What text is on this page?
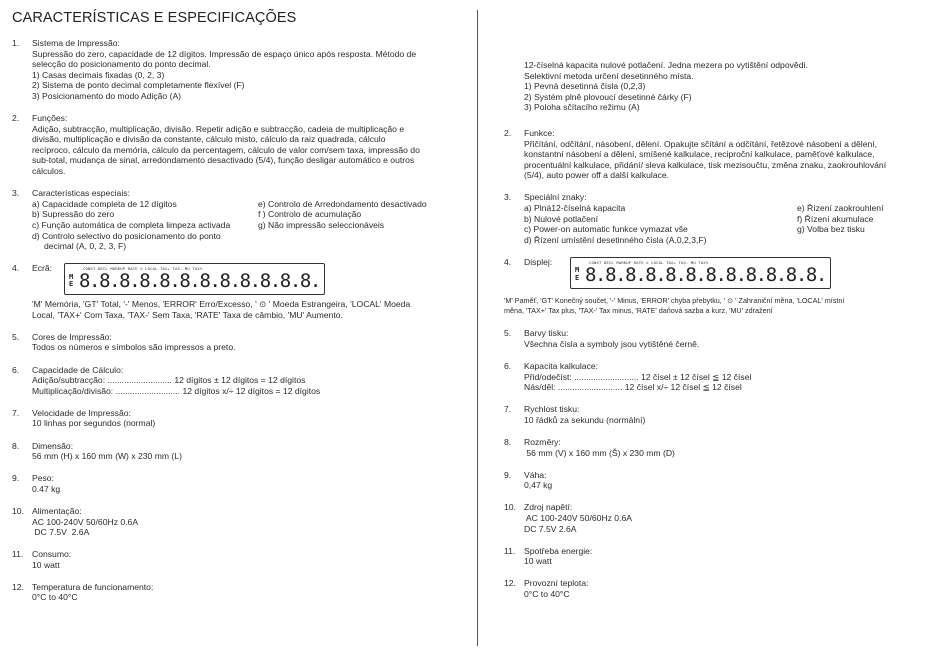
CARACTERÍSTICAS E ESPECIFICAÇÕES
1.	Sistema de Impressão:
Supressão do zero, capacidade de 12 dígitos. Impressão de espaço único após resposta. Método de
selecção do posicionamento do ponto decimal.
1) Casas decimais fixadas (0, 2, 3)
2) Sistema de ponto decimal completamente flexível (F)
3) Posicionamento do modo Adição (A)
2.	Funções:
Adição, subtracção, multiplicação, divisão. Repetir adição e subtracção, cadeia de multiplicação e
divisão, multiplicação e divisão da constante, cálculo misto, cálculo da raiz quadrada, cálculo
recíproco, cálculo da memória, cálculo da percentagem, cálculo de valor com/sem taxa, impressão do
sub-total, mudança de sinal, arredondamento desactivado (5/4), função desligar automático e outros
cálculos.
3.	Características especiais:
a) Capacidade completa de 12 dígitos	e) Controlo de Arredondamento desactivado
b) Supressão do zero	f ) Controlo de acumulação
c) Função automática de completa limpeza activada	g) Não impressão seleccionáveis
d) Controlo selectivo do posicionamento do ponto
decimal (A, 0, 2, 3, F)
4.	Ecrã:	CONST DECL MARKUP RATE ⊙ LOCAL TAX+ TAX- MU TAX%
M
E 8.8.8.8.8.8.8.8.8.8.8.8.
'M' Memória, 'GT' Total, '-' Menos, 'ERROR' Erro/Excesso, ' ⊙ ' Moeda Estrangeira, 'LOCAL' Moeda
Local, 'TAX+' Com Taxa, 'TAX-' Sem Taxa, 'RATE' Taxa de câmbio, 'MU' Aumento.
5.	Cores de Impressão:
Todos os números e símbolos são impressos a preto.
6.	Capacidade de Cálculo:
Adição/subtracção: ........................... 12 dígitos ± 12 dígitos = 12 dígitos
Multiplicação/divisão: ........................... 12 dígitos x/÷ 12 dígitos = 12 dígitos
7.	Velocidade de Impressão:
10 linhas por segundos (normal)
8.	Dimensão:
56 mm (H) x 160 mm (W) x 230 mm (L)
9.	Peso:
0.47 kg
10. Alimentação:
AC 100-240V 50/60Hz 0.6A
DC 7.5V  2.6A
11.	Consumo:
10 watt
12. Temperatura de funcionamento:
0°C to 40°C
12-číselná kapacita nulové potlačení. Jedna mezera po vytištění odpovědi.
Selektivní metoda určení desetinného místa.
1) Pevná desetinná čísla (0,2,3)
2) Systém plně plovoucí desetinné čárky (F)
3) Poloha sčítacího režimu (A)
2.	Funkce:
Přičítání, odčítání, násobení, dělení. Opakujte sčítání a odčítání, řetězové násobení a dělení,
konstantní násobení a dělení, smíšené kalkulace, reciproční kalkulace, paměťové kalkulace,
procentuální kalkulace, přidání/ sleva kalkulace, tisk mezisoučtu, změna znaku, zaokrouhlování
(5/4), auto power off a další kalkulace.
3.	Speciální znaky:
a) Plná12-číselná kapacita	e) Řízení zaokrouhlení
b) Nulové potlačení	f) Řízení akumulace
c) Power-on automatic funkce vymazat vše	g) Volba bez tisku
d) Řízení umístění desetinného čísla (A,0,2,3,F)
4.	Displej:	CONST DECL MARKUP RATE ⊙ LOCAL TAX+ TAX- MU TAX%
M
E 8.8.8.8.8.8.8.8.8.8.8.8.
'M' Paměť, 'GT' Konečný součet, '-' Minus, 'ERROR' chyba přebytku, ' ⊙ ' Zahraniční měna, 'LOCAL' místní
měna, 'TAX+' Tax plus, 'TAX-' Tax minus, 'RATE' daňová sazba a kurz, 'MU' zdražení
5.	Barvy tisku:
Všechna čísla a symboly jsou vytištěné černě.
6.	Kapacita kalkulace:
Přid/odečíst: ........................... 12 čísel ± 12 čísel ≦ 12 čísel
Nás/děl: ........................... 12 čísel x/÷ 12 čísel ≦ 12 čísel
7.	Rychlost tisku:
10 řádků za sekundu (normální)
8.	Rozměry:
56 mm (V) x 160 mm (Š) x 230 mm (D)
9.	Váha:
0,47 kg
10. Zdroj napětí:
AC 100-240V 50/60Hz 0.6A
DC 7.5V 2.6A
11.	Spotřeba energie:
10 watt
12. Provozní teplota:
0°C to 40°C
